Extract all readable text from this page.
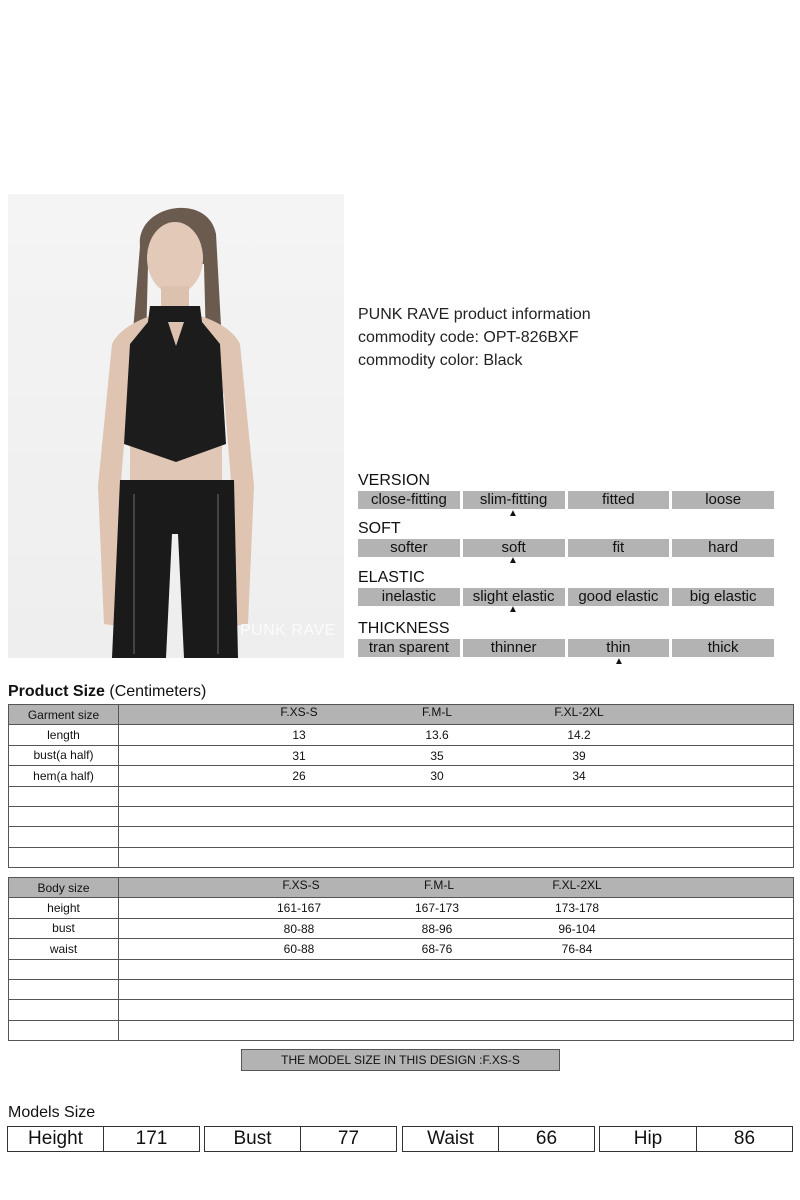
PUNK RAVE
PUNK RAVE product information
commodity code: OPT-826BXF
commodity color: Black
VERSION
close-fitting	slim-fitting	fitted	loose
▲
SOFT
softer	soft	fit	hard
▲
ELASTIC
inelastic	slight elastic	good elastic	big elastic
▲
THICKNESS
tran sparent	thinner	thin	thick
▲
Product Size (Centimeters)
Garment size	F.XS-S F.M-L F.XL-2XL

length	13 13.6 14.2

bust(a half)	31 35 39

hem(a half)	26 30 34

Body size	F.XS-S F.M-L F.XL-2XL

height	161-167 167-173 173-178

bust	80-88 88-96 96-104

waist	60-88 68-76 76-84

THE MODEL SIZE IN THIS DESIGN :F.XS-S
Models Size
Height	171	Bust	77	Waist	66	Hip	86
